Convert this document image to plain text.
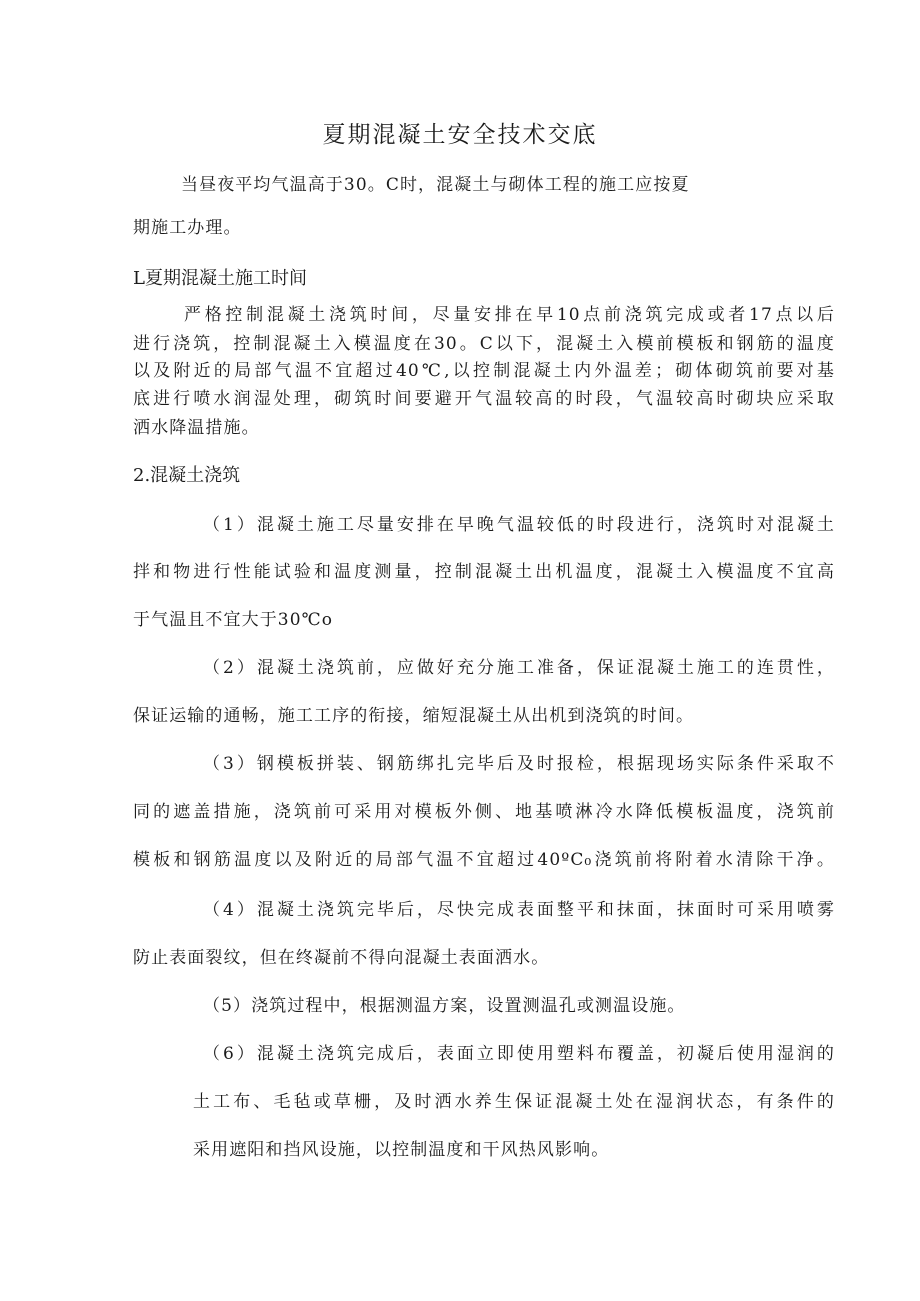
夏期混凝土安全技术交底
当昼夜平均气温高于30。C时，混凝土与砌体工程的施工应按夏
期施工办理。
L夏期混凝土施工时间
严格控制混凝土浇筑时间，尽量安排在早10点前浇筑完成或者17点以后
进行浇筑，控制混凝土入模温度在30。C以下，混凝土入模前模板和钢筋的温度
以及附近的局部气温不宜超过40℃,以控制混凝土内外温差；砌体砌筑前要对基
底进行喷水润湿处理，砌筑时间要避开气温较高的时段，气温较高时砌块应采取
洒水降温措施。
2.混凝土浇筑
（1）混凝土施工尽量安排在早晚气温较低的时段进行，浇筑时对混凝土
拌和物进行性能试验和温度测量，控制混凝土出机温度，混凝土入模温度不宜高
于气温且不宜大于30℃o
（2）混凝土浇筑前，应做好充分施工准备，保证混凝土施工的连贯性，
保证运输的通畅，施工工序的衔接，缩短混凝土从出机到浇筑的时间。
（3）钢模板拼装、钢筋绑扎完毕后及时报检，根据现场实际条件采取不
同的遮盖措施，浇筑前可采用对模板外侧、地基喷淋冷水降低模板温度，浇筑前
模板和钢筋温度以及附近的局部气温不宜超过40ºC₀浇筑前将附着水清除干净。
（4）混凝土浇筑完毕后，尽快完成表面整平和抹面，抹面时可采用喷雾
防止表面裂纹，但在终凝前不得向混凝土表面洒水。
（5）浇筑过程中，根据测温方案，设置测温孔或测温设施。
（6）混凝土浇筑完成后，表面立即使用塑料布覆盖，初凝后使用湿润的
土工布、毛毡或草栅，及时洒水养生保证混凝土处在湿润状态，有条件的
采用遮阳和挡风设施，以控制温度和干风热风影响。
